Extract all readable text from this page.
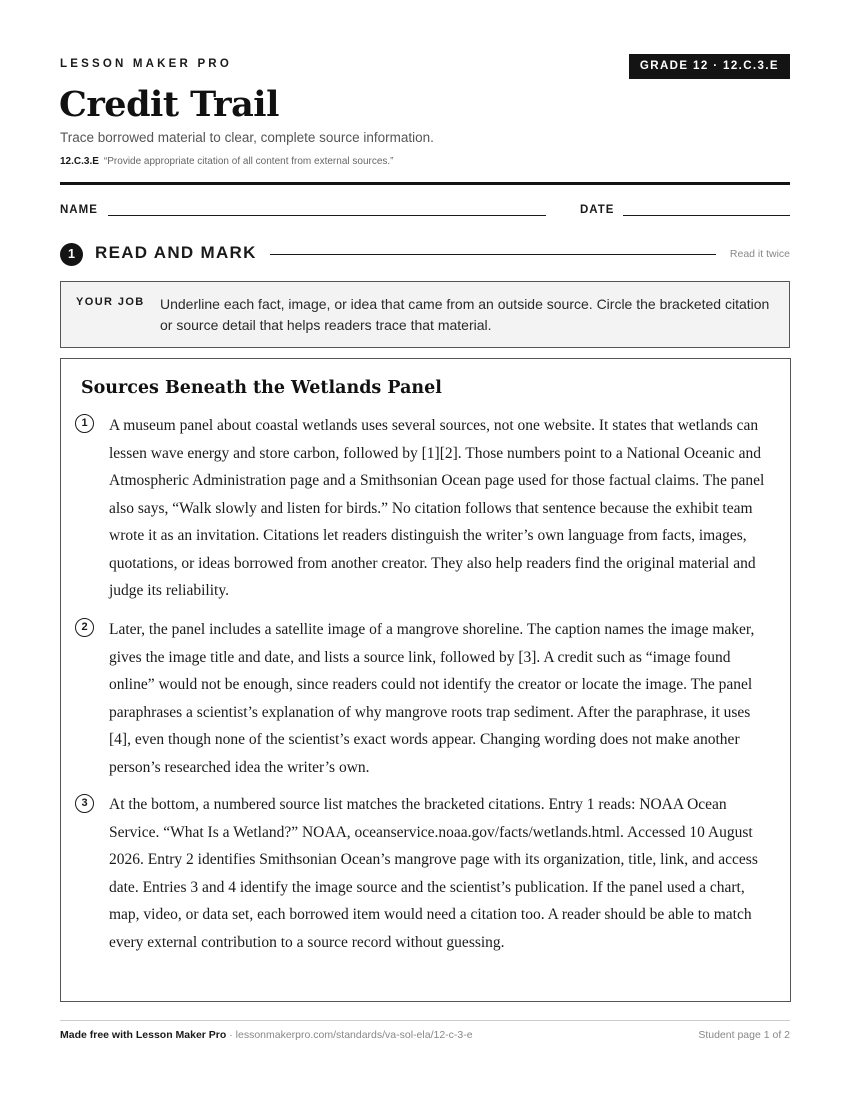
LESSON MAKER PRO	GRADE 12 · 12.C.3.E
Credit Trail
Trace borrowed material to clear, complete source information.
12.C.3.E “Provide appropriate citation of all content from external sources.”
NAME	DATE
1	READ AND MARK	Read it twice
YOUR JOB Underline each fact, image, or idea that came from an outside source. Circle the bracketed citation or source detail that helps readers trace that material.
Sources Beneath the Wetlands Panel
1	A museum panel about coastal wetlands uses several sources, not one website. It states that wetlands can lessen wave energy and store carbon, followed by [1][2]. Those numbers point to a National Oceanic and Atmospheric Administration page and a Smithsonian Ocean page used for those factual claims. The panel also says, “Walk slowly and listen for birds.” No citation follows that sentence because the exhibit team wrote it as an invitation. Citations let readers distinguish the writer’s own language from facts, images, quotations, or ideas borrowed from another creator. They also help readers find the original material and judge its reliability.
2	Later, the panel includes a satellite image of a mangrove shoreline. The caption names the image maker, gives the image title and date, and lists a source link, followed by [3]. A credit such as “image found online” would not be enough, since readers could not identify the creator or locate the image. The panel paraphrases a scientist’s explanation of why mangrove roots trap sediment. After the paraphrase, it uses [4], even though none of the scientist’s exact words appear. Changing wording does not make another person’s researched idea the writer’s own.
3	At the bottom, a numbered source list matches the bracketed citations. Entry 1 reads: NOAA Ocean Service. “What Is a Wetland?” NOAA, oceanservice.noaa.gov/facts/wetlands.html. Accessed 10 August 2026. Entry 2 identifies Smithsonian Ocean’s mangrove page with its organization, title, link, and access date. Entries 3 and 4 identify the image source and the scientist’s publication. If the panel used a chart, map, video, or data set, each borrowed item would need a citation too. A reader should be able to match every external contribution to a source record without guessing.
Made free with Lesson Maker Pro · lessonmakerpro.com/standards/va-sol-ela/12-c-3-e	Student page 1 of 2
